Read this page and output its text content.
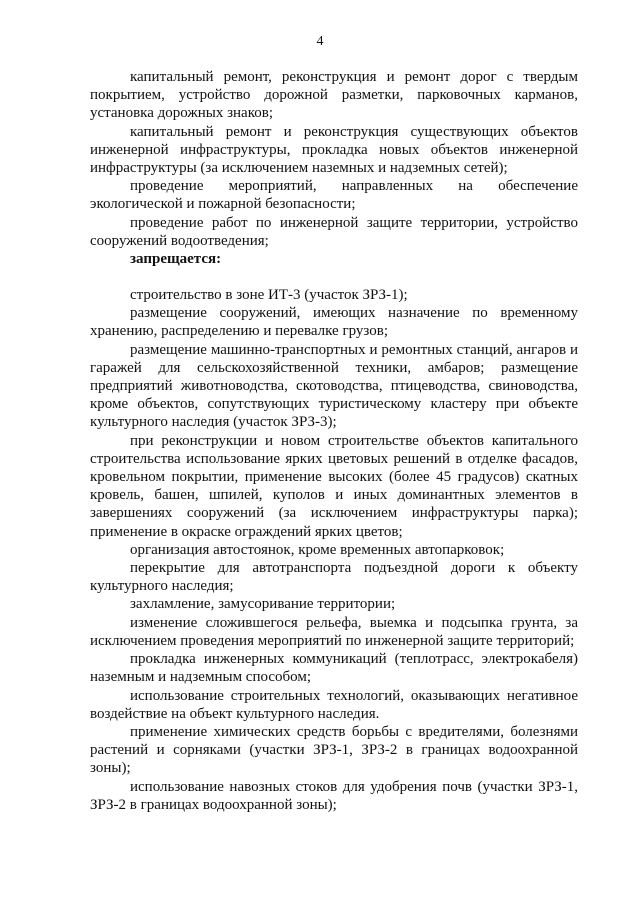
4

капитальный ремонт, реконструкция и ремонт дорог с твердым покрытием, устройство дорожной разметки, парковочных карманов, установка дорожных знаков;

капитальный ремонт и реконструкция существующих объектов инженерной инфраструктуры, прокладка новых объектов инженерной инфраструктуры (за исключением наземных и надземных сетей);

проведение мероприятий, направленных на обеспечение экологической и пожарной безопасности;

проведение работ по инженерной защите территории, устройство сооружений водоотведения;

запрещается:

строительство в зоне ИТ-3 (участок ЗРЗ-1);

размещение сооружений, имеющих назначение по временному хранению, распределению и перевалке грузов;

размещение машинно-транспортных и ремонтных станций, ангаров и гаражей для сельскохозяйственной техники, амбаров; размещение предприятий животноводства, скотоводства, птицеводства, свиноводства, кроме объектов, сопутствующих туристическому кластеру при объекте культурного наследия (участок ЗРЗ-3);

при реконструкции и новом строительстве объектов капитального строительства использование ярких цветовых решений в отделке фасадов, кровельном покрытии, применение высоких (более 45 градусов) скатных кровель, башен, шпилей, куполов и иных доминантных элементов в завершениях сооружений (за исключением инфраструктуры парка); применение в окраске ограждений ярких цветов;

организация автостоянок, кроме временных автопарковок;

перекрытие для автотранспорта подъездной дороги к объекту культурного наследия;

захламление, замусоривание территории;

изменение сложившегося рельефа, выемка и подсыпка грунта, за исключением проведения мероприятий по инженерной защите территорий;

прокладка инженерных коммуникаций (теплотрасс, электрокабеля) наземным и надземным способом;

использование строительных технологий, оказывающих негативное воздействие на объект культурного наследия.

применение химических средств борьбы с вредителями, болезнями растений и сорняками (участки ЗРЗ-1, ЗРЗ-2 в границах водоохранной зоны);

использование навозных стоков для удобрения почв (участки ЗРЗ-1, ЗРЗ-2 в границах водоохранной зоны);
